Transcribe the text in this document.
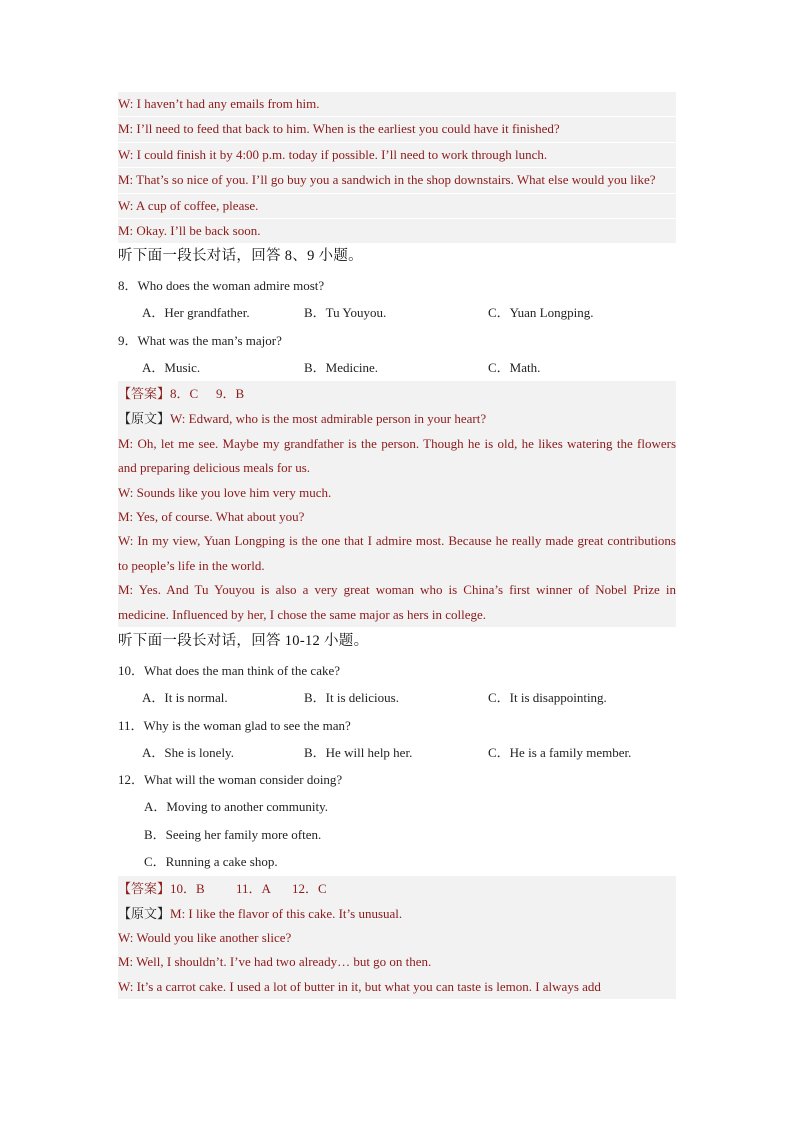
W: I haven’t had any emails from him.
M: I’ll need to feed that back to him. When is the earliest you could have it finished?
W: I could finish it by 4:00 p.m. today if possible. I’ll need to work through lunch.
M: That’s so nice of you. I’ll go buy you a sandwich in the shop downstairs. What else would you like?
W: A cup of coffee, please.
M: Okay. I’ll be back soon.
听下面一段长对话，回答 8、9 小题。
8．Who does the woman admire most?
A．Her grandfather.	B．Tu Youyou.	C．Yuan Longping.
9．What was the man’s major?
A．Music.	B．Medicine.	C．Math.
【答案】8．C 9．B
【原文】W: Edward, who is the most admirable person in your heart?
M: Oh, let me see. Maybe my grandfather is the person. Though he is old, he likes watering the flowers and preparing delicious meals for us.
W: Sounds like you love him very much.
M: Yes, of course. What about you?
W: In my view, Yuan Longping is the one that I admire most. Because he really made great contributions to people’s life in the world.
M: Yes. And Tu Youyou is also a very great woman who is China’s first winner of Nobel Prize in medicine. Influenced by her, I chose the same major as hers in college.
听下面一段长对话，回答 10-12 小题。
10．What does the man think of the cake?
A．It is normal.	B．It is delicious.	C．It is disappointing.
11．Why is the woman glad to see the man?
A．She is lonely.	B．He will help her.	C．He is a family member.
12．What will the woman consider doing?
A．Moving to another community.
B．Seeing her family more often.
C．Running a cake shop.
【答案】10．B 11．A 12．C
【原文】M: I like the flavor of this cake. It’s unusual.
W: Would you like another slice?
M: Well, I shouldn’t. I’ve had two already… but go on then.
W: It’s a carrot cake. I used a lot of butter in it, but what you can taste is lemon. I always add
